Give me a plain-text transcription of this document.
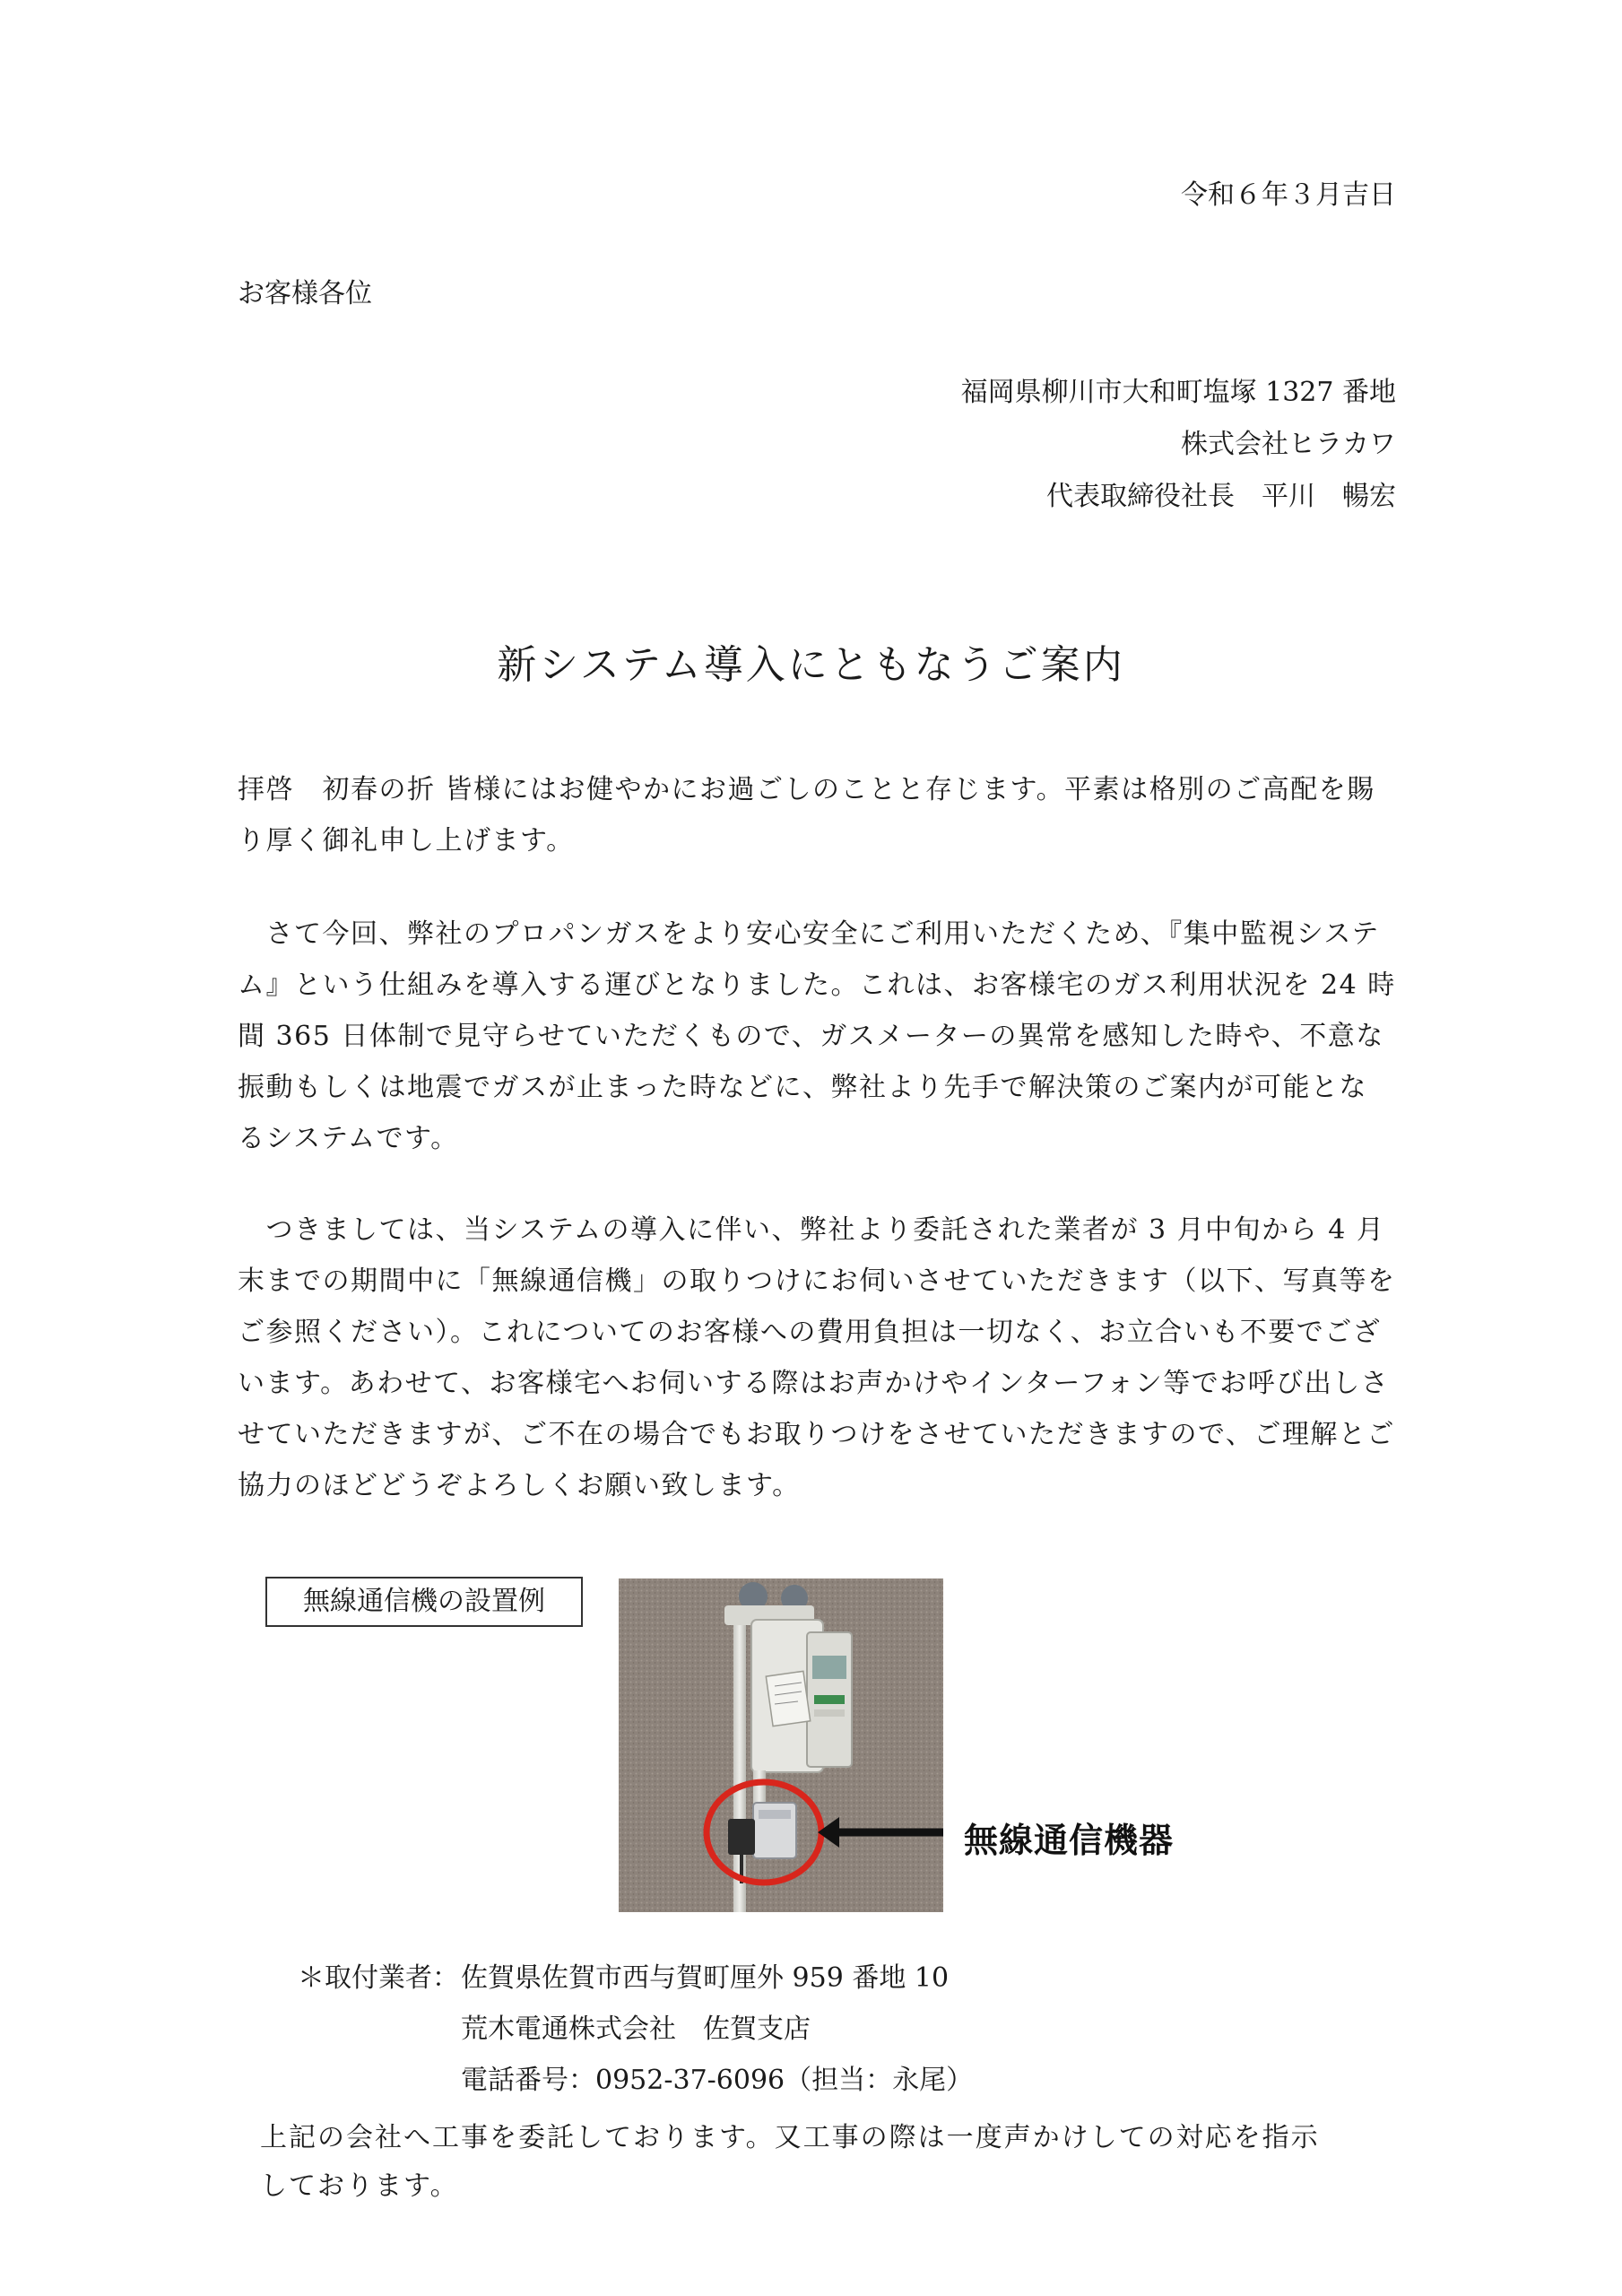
令和６年３月吉日
お客様各位
福岡県柳川市大和町塩塚 1327 番地
株式会社ヒラカワ
代表取締役社長　平川　暢宏
新システム導入にともなうご案内
拝啓　初春の折 皆様にはお健やかにお過ごしのことと存じます。平素は格別のご高配を賜
り厚く御礼申し上げます。
　さて今回、弊社のプロパンガスをより安心安全にご利用いただくため、『集中監視システ
ム』という仕組みを導入する運びとなりました。これは、お客様宅のガス利用状況を 24 時
間 365 日体制で見守らせていただくもので、ガスメーターの異常を感知した時や、不意な
振動もしくは地震でガスが止まった時などに、弊社より先手で解決策のご案内が可能とな
るシステムです。
　つきましては、当システムの導入に伴い、弊社より委託された業者が 3 月中旬から 4 月
末までの期間中に「無線通信機」の取りつけにお伺いさせていただきます（以下、写真等を
ご参照ください）。これについてのお客様への費用負担は一切なく、お立合いも不要でござ
います。あわせて、お客様宅へお伺いする際はお声かけやインターフォン等でお呼び出しさ
せていただきますが、ご不在の場合でもお取りつけをさせていただきますので、ご理解とご
協力のほどどうぞよろしくお願い致します。
無線通信機の設置例
無線通信機器
＊取付業者： 佐賀県佐賀市西与賀町厘外 959 番地 10
荒木電通株式会社　佐賀支店
電話番号：0952-37-6096（担当：永尾）
上記の会社へ工事を委託しております。又工事の際は一度声かけしての対応を指示
しております。
